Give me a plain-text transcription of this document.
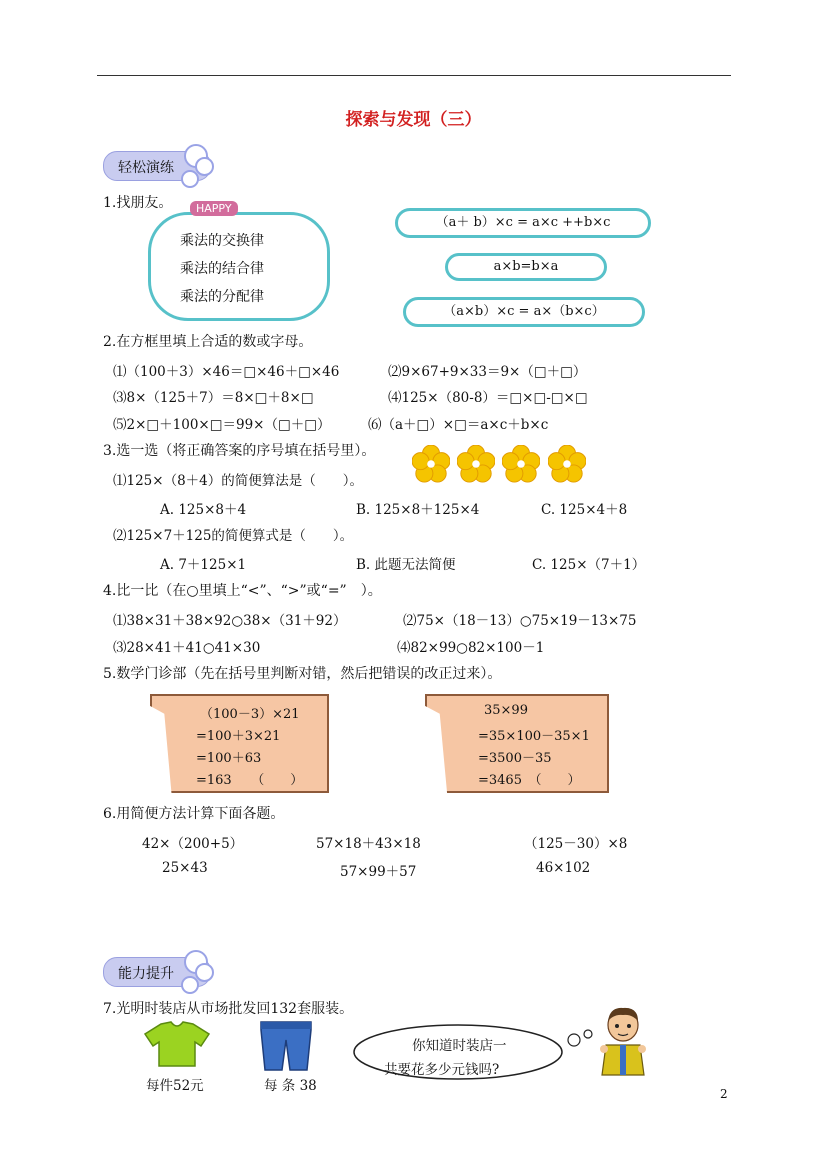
探索与发现（三）
轻松演练
1.找朋友。	HAPPY
乘法的交换律
乘法的结合律
乘法的分配律
（a＋ b）×c = a×c ++b×c
a×b=b×a
（a×b）×c = a×（b×c）
2.在方框里填上合适的数或字母。
⑴（100＋3）×46＝□×46＋□×46	⑵9×67+9×33＝9×（□＋□）
⑶8×（125＋7）＝8×□＋8×□	⑷125×（80-8）＝□×□-□×□
⑸2×□＋100×□＝99×（□＋□）	⑹（a＋□）×□＝a×c＋b×c
3.选一选（将正确答案的序号填在括号里）。
⑴125×（8＋4）的简便算法是（　　）。
A. 125×8＋4	B. 125×8＋125×4	C. 125×4＋8
⑵125×7＋125的简便算式是（　　）。
A. 7＋125×1	B. 此题无法简便	C. 125×（7＋1）
4.比一比（在○里填上“<”、“>”或“=”　）。
⑴38×31＋38×92○38×（31＋92）	⑵75×（18－13）○75×19－13×75
⑶28×41＋41○41×30	⑷82×99○82×100－1
5.数学门诊部（先在括号里判断对错，然后把错误的改正过来）。
（100－3）×21
=100＋3×21
=100＋63
=163　　（　　）
35×99
=35×100－35×1
=3500－35
=3465　（　　）
6.用简便方法计算下面各题。
42×（200+5）	57×18＋43×18	（125－30）×8
25×43	57×99＋57	46×102
能力提升
7.光明时装店从市场批发回132套服装。
每件52元	每 条 38
你知道时装店一
共要花多少元钱吗?
2
